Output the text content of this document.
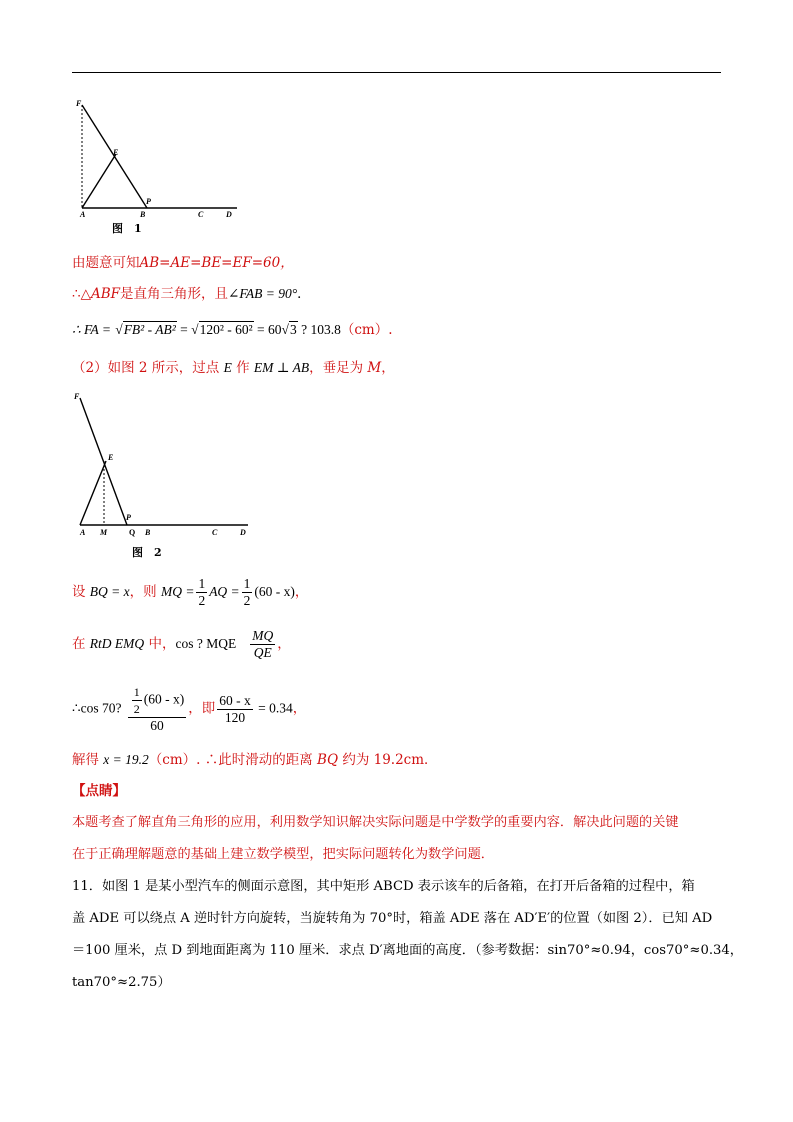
F
E
P
A	B	C	D
图　1
由题意可知AB=AE=BE=EF=60，
∴△ABF是直角三角形，且∠FAB = 90°．
∴ FA = √FB² - AB² = √120² - 60² = 60√3 ? 103.8（cm）.
（2）如图 2 所示，过点 E 作 EM ⊥ AB，垂足为 M，
F
E
P
A M	Q B	C	D
图　2
设 BQ = x，则 MQ = $\frac{1}{2}$ AQ = $\frac{1}{2} (60 - x)$，
在 RtD EMQ 中，cos ? MQE $\frac{MQ}{QE}$ ，
∴cos 70? $\frac{\frac{1}{2} (60 - x)}{60}$ ，即 $\frac{60 - x}{120} = 0.34$，
解得 x = 19.2（cm）. ∴此时滑动的距离 BQ 约为 19.2cm．
【点睛】
本题考查了解直角三角形的应用，利用数学知识解决实际问题是中学数学的重要内容．解决此问题的关键
在于正确理解题意的基础上建立数学模型，把实际问题转化为数学问题．
11．如图 1 是某小型汽车的侧面示意图，其中矩形 ABCD 表示该车的后备箱，在打开后备箱的过程中，箱
盖 ADE 可以绕点 A 逆时针方向旋转，当旋转角为 70°时，箱盖 ADE 落在 AD′E′的位置（如图 2）．已知 AD
＝100 厘米，点 D 到地面距离为 110 厘米．求点 D′离地面的高度．（参考数据：sin70°≈0.94，cos70°≈0.34，
tan70°≈2.75）
